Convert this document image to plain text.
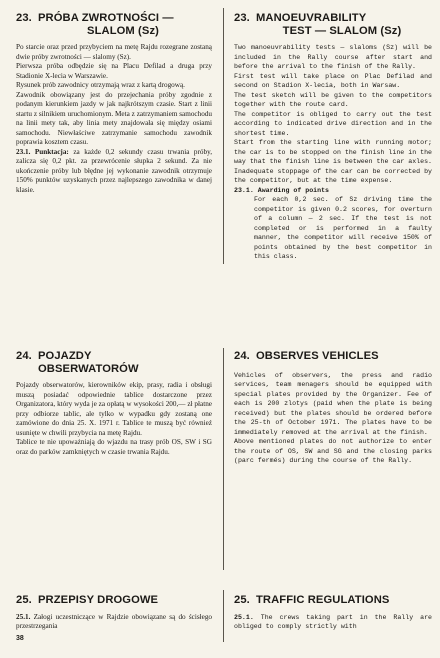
23. PRÓBA ZWROTNOŚCI —
SLALOM (Sz)

Po starcie oraz przed przybyciem na metę Rajdu rozegrane zostaną dwie próby zwrotności — slalomy (Sz).

Pierwsza próba odbędzie się na Placu Defilad a druga przy Stadionie X-lecia w Warszawie.

Rysunek prób zawodnicy otrzymają wraz z kartą drogową.

Zawodnik obowiązany jest do przejechania próby zgodnie z podanym kierunkiem jazdy w jak najkrótszym czasie. Start z linii startu z silnikiem uruchomionym. Meta z zatrzymaniem samochodu na linii mety tak, aby linia mety znajdowała się między osiami samochodu. Niewłaściwe zatrzymanie samochodu zawodnik poprawia kosztem czasu.

23.1. Punktacja: za każde 0,2 sekundy czasu trwania próby, zalicza się 0,2 pkt. za przewrócenie słupka 2 sekund. Za nie ukończenie próby lub błędne jej wykonanie zawodnik otrzymuje 150% punktów uzyskanych przez najlepszego zawodnika w danej klasie.

24. POJAZDY
OBSERWATORÓW

Pojazdy obserwatorów, kierowników ekip, prasy, radia i obsługi muszą posiadać odpowiednie tablice dostarczone przez Organizatora, który wyda je za opłatą w wysokości 200,— zł płatne przy odbiorze tablic, ale tylko w wypadku gdy zostaną one zamówione do dnia 25. X. 1971 r. Tablice te muszą być równieź usunięte w chwili przybycia na metę Rajdu.

Tablice te nie upoważniają do wjazdu na trasy prób OS, SW i SG oraz do parków zamkniętych w czasie trwania Rajdu.

25. PRZEPISY DROGOWE

25.1. Załogi uczestniczące w Rajdzie obowiązane są do ścisłego przestrzegania

23. MANOEUVRABILITY
TEST — SLALOM (Sz)

Two manoeuvrability tests — slaloms (Sz) will be included in the Rally course after start and before the arrival to the finish of the Rally.

First test will take place on Plac Defilad and second on Stadion X-lecia, both in Warsaw.

The test sketch will be given to the competitors together with the route card.

The competitor is obliged to carry out the test according to indicated drive direction and in the shortest time.

Start from the starting line with running motor; the car is to be stopped on the finish line in the way that the finish line is between the car axles. Inadequate stoppage of the car can be corrected by the competitor, but at the time expense.

23.1. Awarding of points

For each 0,2 sec. of Sz driving time the competitor is given 0.2 scores, for overturn of a column — 2 sec. If the test is not completed or is performed in a faulty manner, the competitor will receive 150% of points obtained by the best competitor in this class.

24. OBSERVES VEHICLES

Vehicles of observers, the press and radio services, team menagers should be equipped with special plates provided by the Organizer. Fee of each is 200 zlotys (paid when the plate is being received) but the plates should be ordered before the 25-th of October 1971. The plates have to be immediately removed at the arrival at the finish.

Above mentioned plates do not authorize to enter the route of OS, SW and SG and the closing parks (parc fermés) during the course of the Rally.

25. TRAFFIC REGULATIONS

25.1. The crews taking part in the Rally are obliged to comply strictly with

38
